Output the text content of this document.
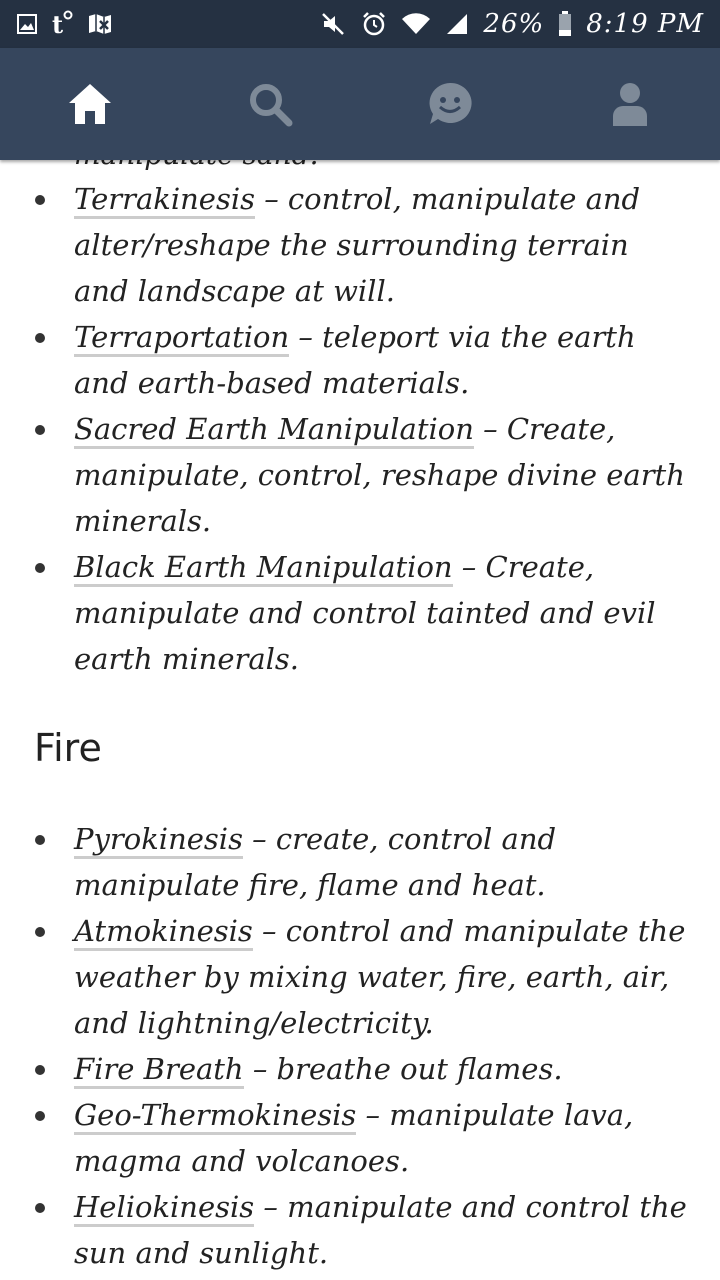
t	26% 8:19 PM

Terrakinesis – control, manipulate and
alter/reshape the surrounding terrain
and landscape at will.
Terraportation – teleport via the earth
and earth-based materials.
Sacred Earth Manipulation – Create,
manipulate, control, reshape divine earth
minerals.
Black Earth Manipulation – Create,
manipulate and control tainted and evil
earth minerals.
Fire
Pyrokinesis – create, control and
manipulate fire, flame and heat.
Atmokinesis – control and manipulate the
weather by mixing water, fire, earth, air,
and lightning/electricity.
Fire Breath – breathe out flames.
Geo-Thermokinesis – manipulate lava,
magma and volcanoes.
Heliokinesis – manipulate and control the
sun and sunlight.
